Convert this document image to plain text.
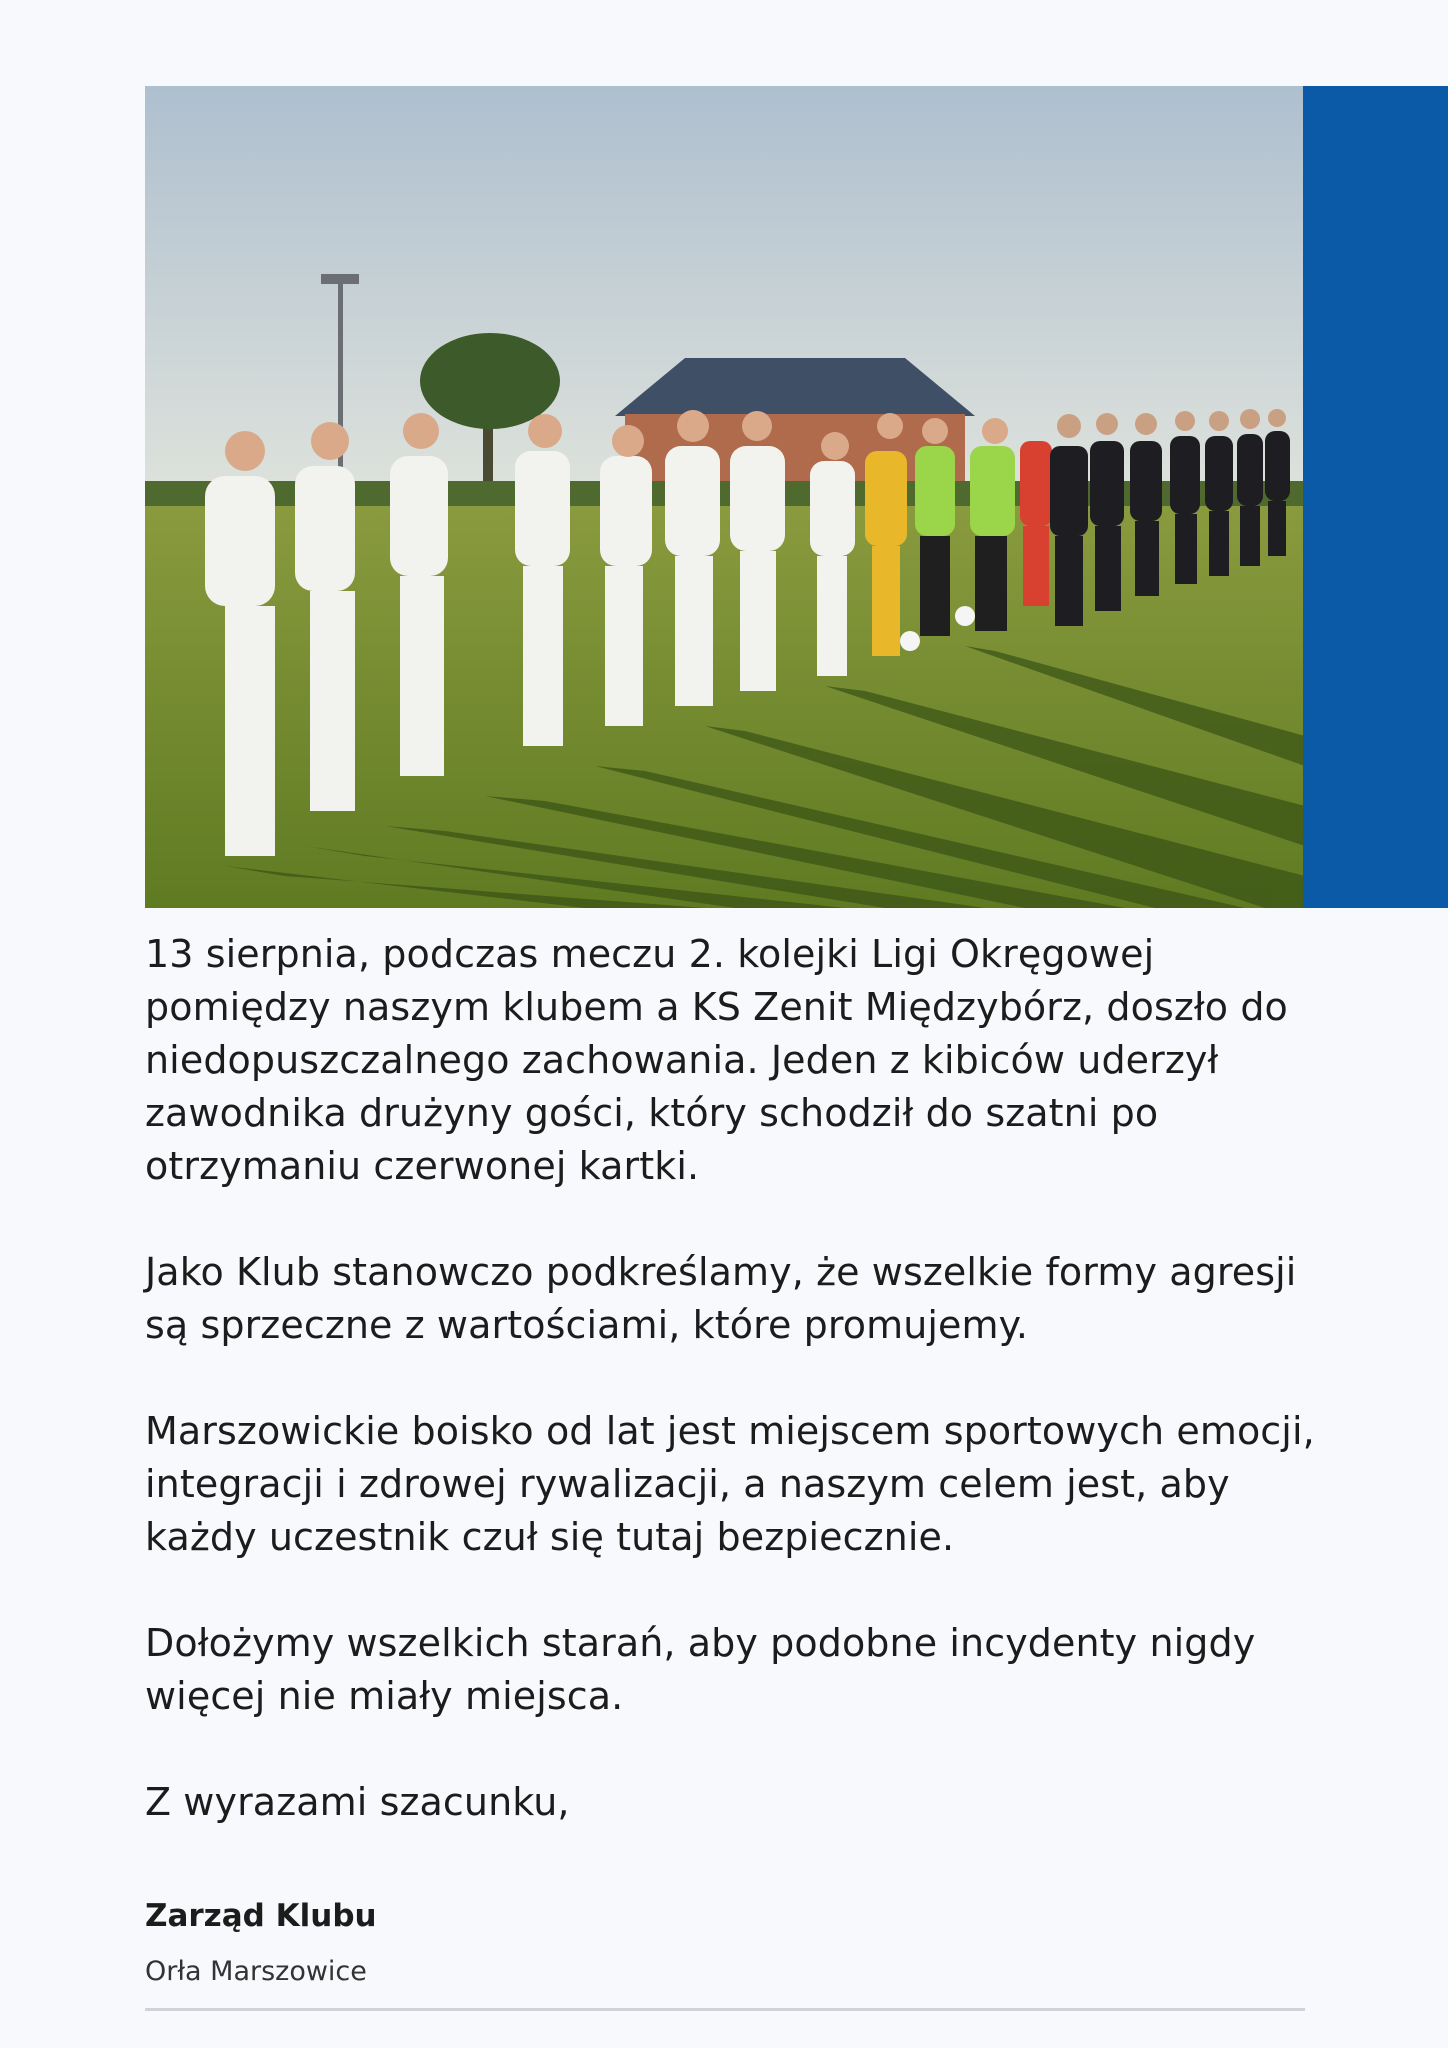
13 sierpnia, podczas meczu 2. kolejki Ligi Okręgowej pomiędzy naszym klubem a KS Zenit Międzybórz, doszło do niedopuszczalnego zachowania. Jeden z kibiców uderzył zawodnika drużyny gości, który schodził do szatni po otrzymaniu czerwonej kartki.

Jako Klub stanowczo podkreślamy, że wszelkie formy agresji są sprzeczne z wartościami, które promujemy.

Marszowickie boisko od lat jest miejscem sportowych emocji, integracji i zdrowej rywalizacji, a naszym celem jest, aby każdy uczestnik czuł się tutaj bezpiecznie.

Dołożymy wszelkich starań, aby podobne incydenty nigdy więcej nie miały miejsca.

Z wyrazami szacunku,

Zarząd Klubu
Orła Marszowice
